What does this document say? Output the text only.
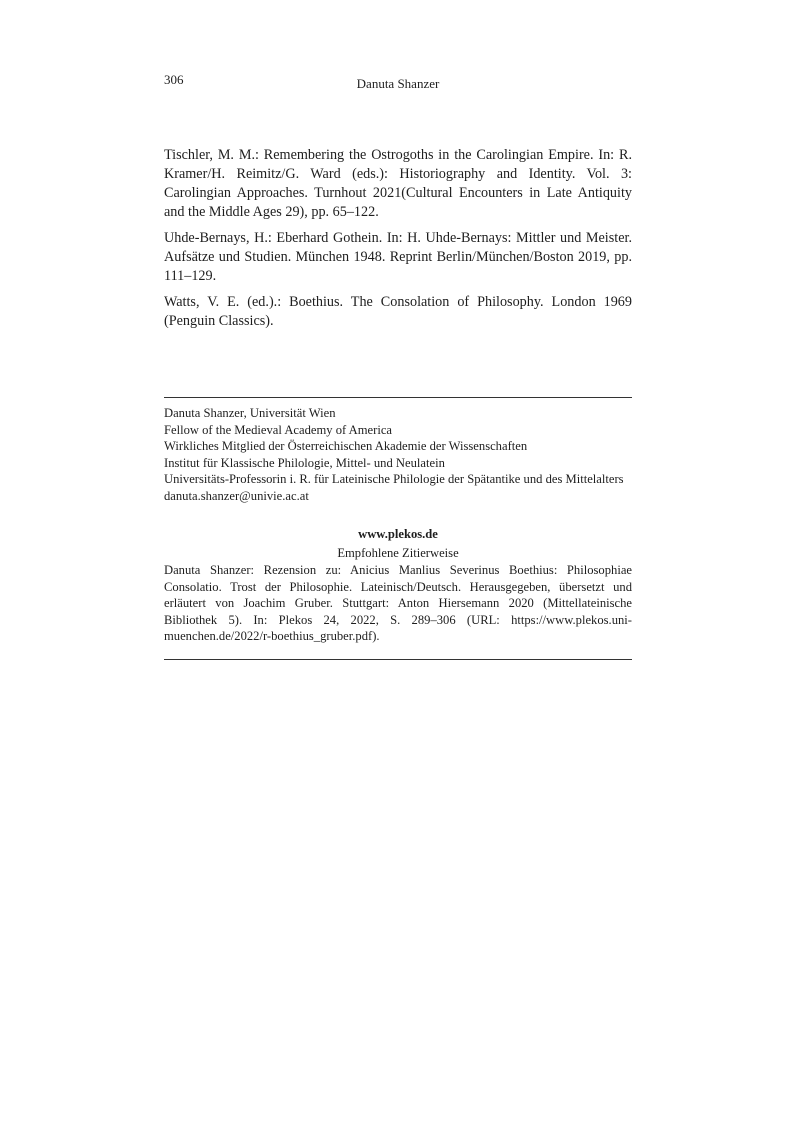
306	Danuta Shanzer

Tischler, M. M.: Remembering the Ostrogoths in the Carolingian Empire. In: R. Kramer/H. Reimitz/G. Ward (eds.): Historiography and Identity. Vol. 3: Carolingian Approaches. Turnhout 2021(Cultural Encounters in Late Antiquity and the Middle Ages 29), pp. 65–122.

Uhde-Bernays, H.: Eberhard Gothein. In: H. Uhde-Bernays: Mittler und Meister. Aufsätze und Studien. München 1948. Reprint Berlin/München/Boston 2019, pp. 111–129.

Watts, V. E. (ed.).: Boethius. The Consolation of Philosophy. London 1969 (Penguin Classics).

Danuta Shanzer, Universität Wien
Fellow of the Medieval Academy of America
Wirkliches Mitglied der Österreichischen Akademie der Wissenschaften
Institut für Klassische Philologie, Mittel- und Neulatein
Universitäts-Professorin i. R. für Lateinische Philologie der Spätantike und des Mittelalters
danuta.shanzer@univie.ac.at
www.plekos.de
Empfohlene Zitierweise
Danuta Shanzer: Rezension zu: Anicius Manlius Severinus Boethius: Philosophiae Consolatio. Trost der Philosophie. Lateinisch/Deutsch. Herausgegeben, übersetzt und erläutert von Joachim Gruber. Stuttgart: Anton Hiersemann 2020 (Mittellateinische Bibliothek 5). In: Plekos 24, 2022, S. 289–306 (URL: https://www.plekos.uni-muenchen.de/2022/r-boethius_gruber.pdf).
